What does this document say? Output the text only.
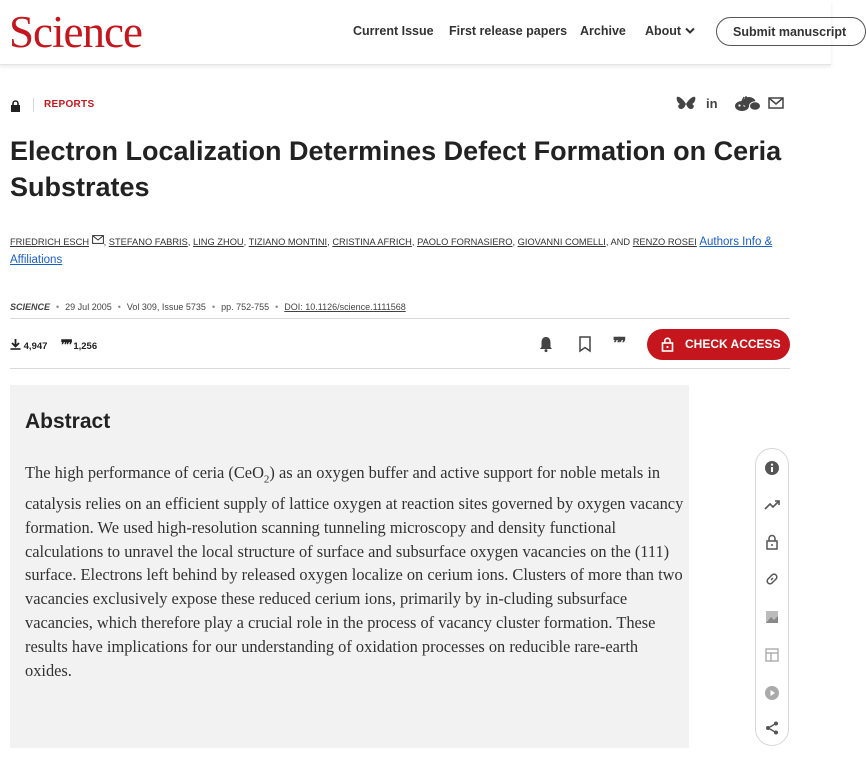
Science	Current Issue First release papers Archive About	Submit manuscript
REPORTS	in
Electron Localization Determines Defect Formation on Ceria Substrates
FRIEDRICH ESCH , STEFANO FABRIS, LING ZHOU, TIZIANO MONTINI, CRISTINA AFRICH, PAOLO FORNASIERO, GIOVANNI COMELLI, AND RENZO ROSEI Authors Info & Affiliations
SCIENCE • 29 Jul 2005 • Vol 309, Issue 5735 • pp. 752-755 • DOI: 10.1126/science.1111568
4,947 ❞❞ 1,256	❞❞	CHECK ACCESS
Abstract
The high performance of ceria (CeO$_2$) as an oxygen buffer and active support for noble metals in catalysis relies on an efficient supply of lattice oxygen at reaction sites governed by oxygen vacancy formation. We used high-resolution scanning tunneling microscopy and density functional calculations to unravel the local structure of surface and subsurface oxygen vacancies on the (111) surface. Electrons left behind by released oxygen localize on cerium ions. Clusters of more than two vacancies exclusively expose these reduced cerium ions, primarily by in-cluding subsurface vacancies, which therefore play a crucial role in the process of vacancy cluster formation. These results have implications for our understanding of oxidation processes on reducible rare-earth oxides.
